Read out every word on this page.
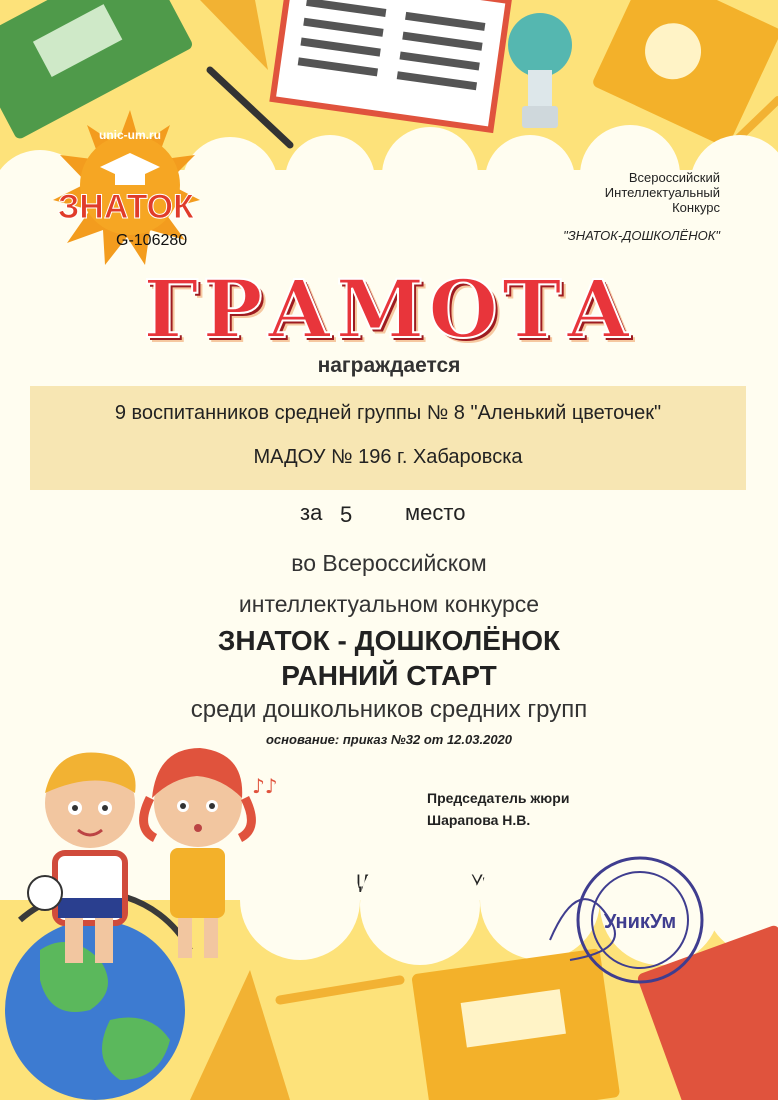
unic-um.ru
ЗНАТОК
G-106280
Всероссийский
Интеллектуальный
Конкурс
"ЗНАТОК-ДОШКОЛЁНОК"
ГРАМОТА
награждается
9 воспитанников средней группы № 8 "Аленький цветочек"
МАДОУ № 196 г. Хабаровска
за 5 место
во Всероссийском
интеллектуальном конкурсе
ЗНАТОК - ДОШКОЛЁНОК
РАННИЙ СТАРТ
среди дошкольников средних групп
основание: приказ №32 от 12.03.2020
Председатель жюри
Шарапова Н.В.
♪♪
УникУм
